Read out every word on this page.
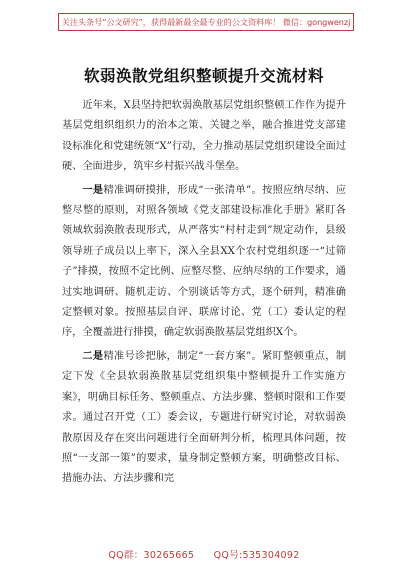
关注头条号“公文研究”，获得最新最全最专业的公文资料库！ 微信：gongwenzj
软弱涣散党组织整顿提升交流材料

近年来，X县坚持把软弱涣散基层党组织整顿工作作为提升基层党组织组织力的治本之策、关键之举，融合推进党支部建设标准化和党建统领“X”行动，全力推动基层党组织建设全面过硬、全面进步，筑牢乡村振兴战斗堡垒。

一是精准调研摸排，形成“一张清单”。按照应纳尽纳、应整尽整的原则，对照各领域《党支部建设标准化手册》紧盯各领域软弱涣散表现形式，从严落实“村村走到”规定动作，县级领导班子成员以上率下，深入全县XX个农村党组织逐一“过筛子”排摸，按照不定比例、应整尽整、应纳尽纳的工作要求，通过实地调研、随机走访、个别谈话等方式，逐个研判，精准确定整顿对象。按照基层自评、联席讨论、党（工）委认定的程序，全覆盖进行排摸，确定软弱涣散基层党组织X个。

二是精准号诊把脉，制定“一套方案”。紧盯整顿重点，制定下发《全县软弱涣散基层党组织集中整顿提升工作实施方案》，明确目标任务、整顿重点、方法步骤、整顿时限和工作要求。通过召开党（工）委会议，专题进行研究讨论，对软弱涣散原因及存在突出问题进行全面研判分析，梳理具体问题，按照“一支部一策”的要求，量身制定整顿方案，明确整改目标、措施办法、方法步骤和完

QQ群：30265665 QQ号:535304092
